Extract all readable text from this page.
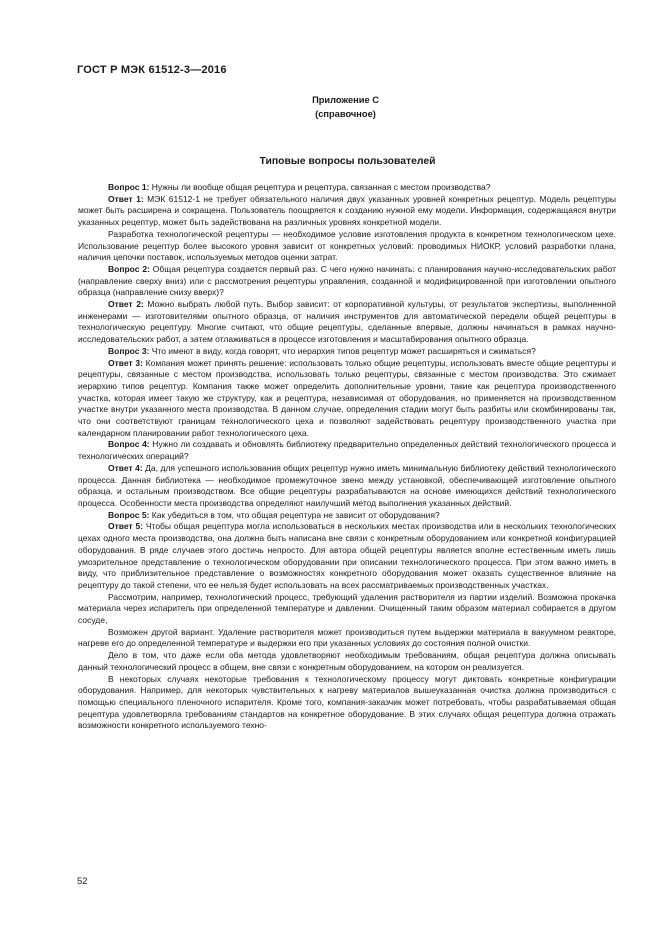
ГОСТ Р МЭК 61512-3—2016
Приложение С
(справочное)
Типовые вопросы пользователей

Вопрос 1: Нужны ли вообще общая рецептура и рецептура, связанная с местом производства?

Ответ 1: МЭК 61512-1 не требует обязательного наличия двух указанных уровней конкретных рецептур. Модель рецептуры может быть расширена и сокращена. Пользователь поощряется к созданию нужной ему модели. Информация, содержащаяся внутри указанных рецептур, может быть задействована на различных уровнях конкретной модели.

Разработка технологической рецептуры — необходимое условие изготовления продукта в конкретном технологическом цехе. Использование рецептур более высокого уровня зависит от конкретных условий: проводимых НИОКР, условий разработки плана, наличия цепочки поставок, используемых методов оценки затрат.

Вопрос 2: Общая рецептура создается первый раз. С чего нужно начинать: с планирования научно-исследовательских работ (направление сверху вниз) или с рассмотрения рецептуры управления, созданной и модифицированной при изготовлении опытного образца (направление снизу вверх)?

Ответ 2: Можно выбрать любой путь. Выбор зависит: от корпоративной культуры, от результатов экспертизы, выполненной инженерами — изготовителями опытного образца, от наличия инструментов для автоматической передели общей рецептуры в технологическую рецептуру. Многие считают, что общие рецептуры, сделанные впервые, должны начинаться в рамках научно-исследовательских работ, а затем отлаживаться в процессе изготовления и масштабирования опытного образца.

Вопрос 3: Что имеют в виду, когда говорят, что иерархия типов рецептур может расширяться и сжиматься?

Ответ 3: Компания может принять решение: использовать только общие рецептуры, использовать вместе общие рецептуры и рецептуры, связанные с местом производства, использовать только рецептуры, связанные с местом производства. Это сжимает иерархию типов рецептур. Компания также может определить дополнительные уровни, такие как рецептура производственного участка, которая имеет такую же структуру, как и рецептура, независимая от оборудования, но применяется на производственном участке внутри указанного места производства. В данном случае, определения стадии могут быть разбиты или скомбинированы так, что они соответствуют границам технологического цеха и позволяют задействовать рецептуру производственного участка при календарном планировании работ технологического цеха.

Вопрос 4: Нужно ли создавать и обновлять библиотеку предварительно определенных действий технологического процесса и технологических операций?

Ответ 4: Да, для успешного использования общих рецептур нужно иметь минимальную библиотеку действий технологического процесса. Данная библиотека — необходимое промежуточное звено между установкой, обеспечивающей изготовление опытного образца, и остальным производством. Все общие рецептуры разрабатываются на основе имеющихся действий технологического процесса. Особенности места производства определяют наилучший метод выполнения указанных действий.

Вопрос 5: Как убедиться в том, что общая рецептура не зависит от оборудования?

Ответ 5: Чтобы общая рецептура могла использоваться в нескольких местах производства или в нескольких технологических цехах одного места производства, она должна быть написана вне связи с конкретным оборудованием или конкретной конфигурацией оборудования. В ряде случаев этого достичь непросто. Для автора общей рецептуры является вполне естественным иметь лишь умозрительное представление о технологическом оборудовании при описании технологического процесса. При этом важно иметь в виду, что приблизительное представление о возможностях конкретного оборудования может оказать существенное влияние на рецептуру до такой степени, что ее нельзя будет использовать на всех рассматриваемых производственных участках.

Рассмотрим, например, технологический процесс, требующий удаления растворителя из партии изделий. Возможна прокачка материала через испаритель при определенной температуре и давлении. Очищенный таким образом материал собирается в другом сосуде,

Возможен другой вариант. Удаление растворителя может производиться путем выдержки материала в вакуумном реакторе, нагреве его до определенной температуре и выдержки его при указанных условиях до состояния полной очистки.

Дело в том, что даже если оба метода удовлетворяют необходимым требованиям, общая рецептура должна описывать данный технологический процесс в общем, вне связи с конкретным оборудованием, на котором он реализуется.

В некоторых случаях некоторые требования к технологическому процессу могут диктовать конкретные конфигурации оборудования. Например, для некоторых чувствительных к нагреву материалов вышеуказанная очистка должна производиться с помощью специального пленочного испарителя. Кроме того, компания-заказчик может потребовать, чтобы разрабатываемая общая рецептура удовлетворяла требованиям стандартов на конкретное оборудование. В этих случаях общая рецептура должна отражать возможности конкретного используемого техно-

52
